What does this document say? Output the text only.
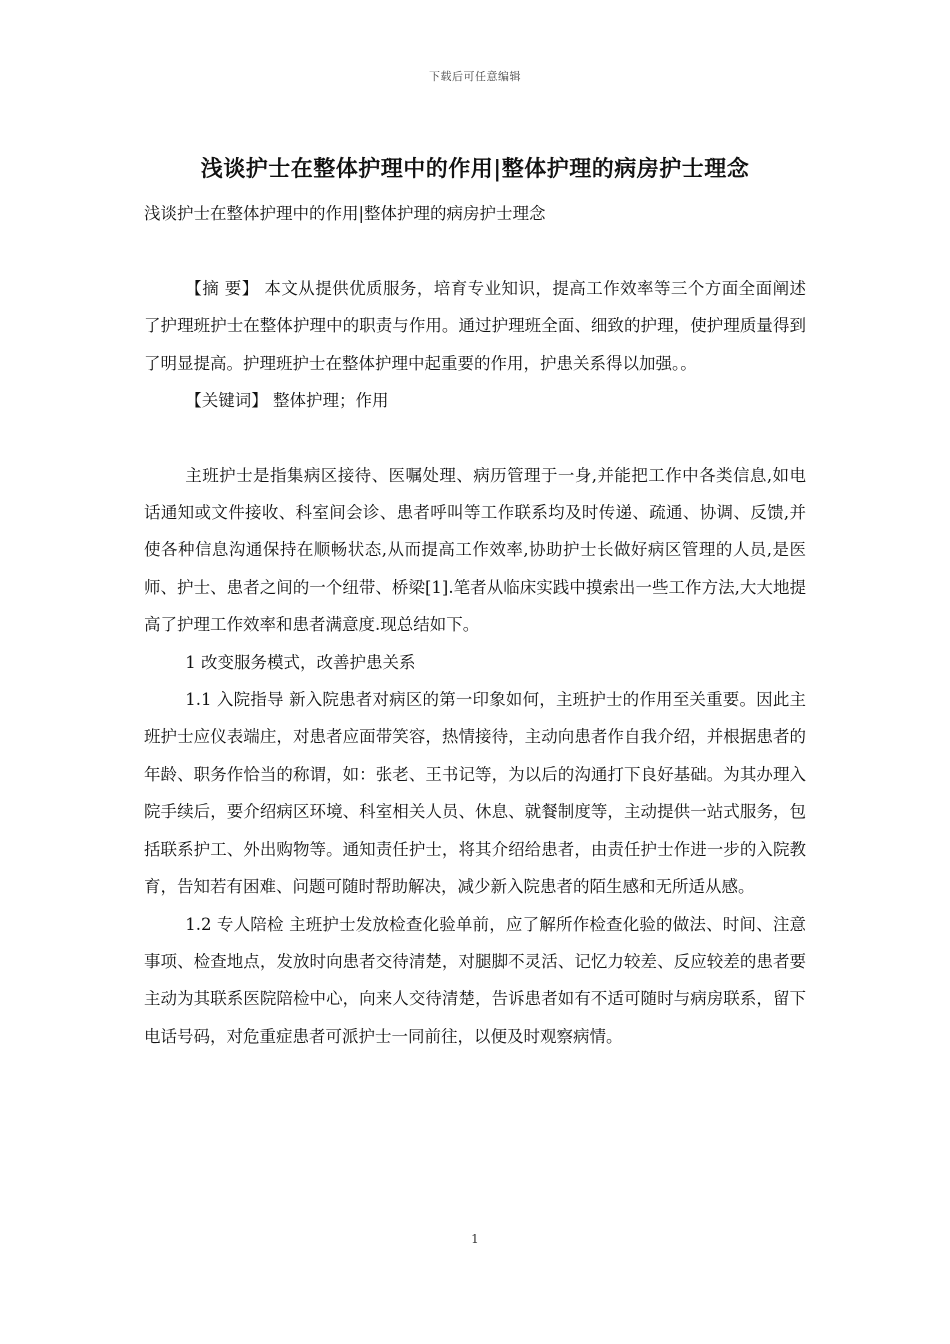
下载后可任意编辑
浅谈护士在整体护理中的作用|整体护理的病房护士理念
浅谈护士在整体护理中的作用|整体护理的病房护士理念

【摘 要】 本文从提供优质服务，培育专业知识，提高工作效率等三个方面全面阐述了护理班护士在整体护理中的职责与作用。通过护理班全面、细致的护理，使护理质量得到了明显提高。护理班护士在整体护理中起重要的作用，护患关系得以加强。。

【关键词】 整体护理；作用

主班护士是指集病区接待、医嘱处理、病历管理于一身,并能把工作中各类信息,如电话通知或文件接收、科室间会诊、患者呼叫等工作联系均及时传递、疏通、协调、反馈,并使各种信息沟通保持在顺畅状态,从而提高工作效率,协助护士长做好病区管理的人员,是医师、护士、患者之间的一个纽带、桥梁[1].笔者从临床实践中摸索出一些工作方法,大大地提高了护理工作效率和患者满意度.现总结如下。

1 改变服务模式，改善护患关系

1.1 入院指导 新入院患者对病区的第一印象如何，主班护士的作用至关重要。因此主班护士应仪表端庄，对患者应面带笑容，热情接待，主动向患者作自我介绍，并根据患者的年龄、职务作恰当的称谓，如：张老、王书记等，为以后的沟通打下良好基础。为其办理入院手续后，要介绍病区环境、科室相关人员、休息、就餐制度等，主动提供一站式服务，包括联系护工、外出购物等。通知责任护士，将其介绍给患者，由责任护士作进一步的入院教育，告知若有困难、问题可随时帮助解决，减少新入院患者的陌生感和无所适从感。

1.2 专人陪检 主班护士发放检查化验单前，应了解所作检查化验的做法、时间、注意事项、检查地点，发放时向患者交待清楚，对腿脚不灵活、记忆力较差、反应较差的患者要主动为其联系医院陪检中心，向来人交待清楚，告诉患者如有不适可随时与病房联系，留下电话号码，对危重症患者可派护士一同前往，以便及时观察病情。

1
